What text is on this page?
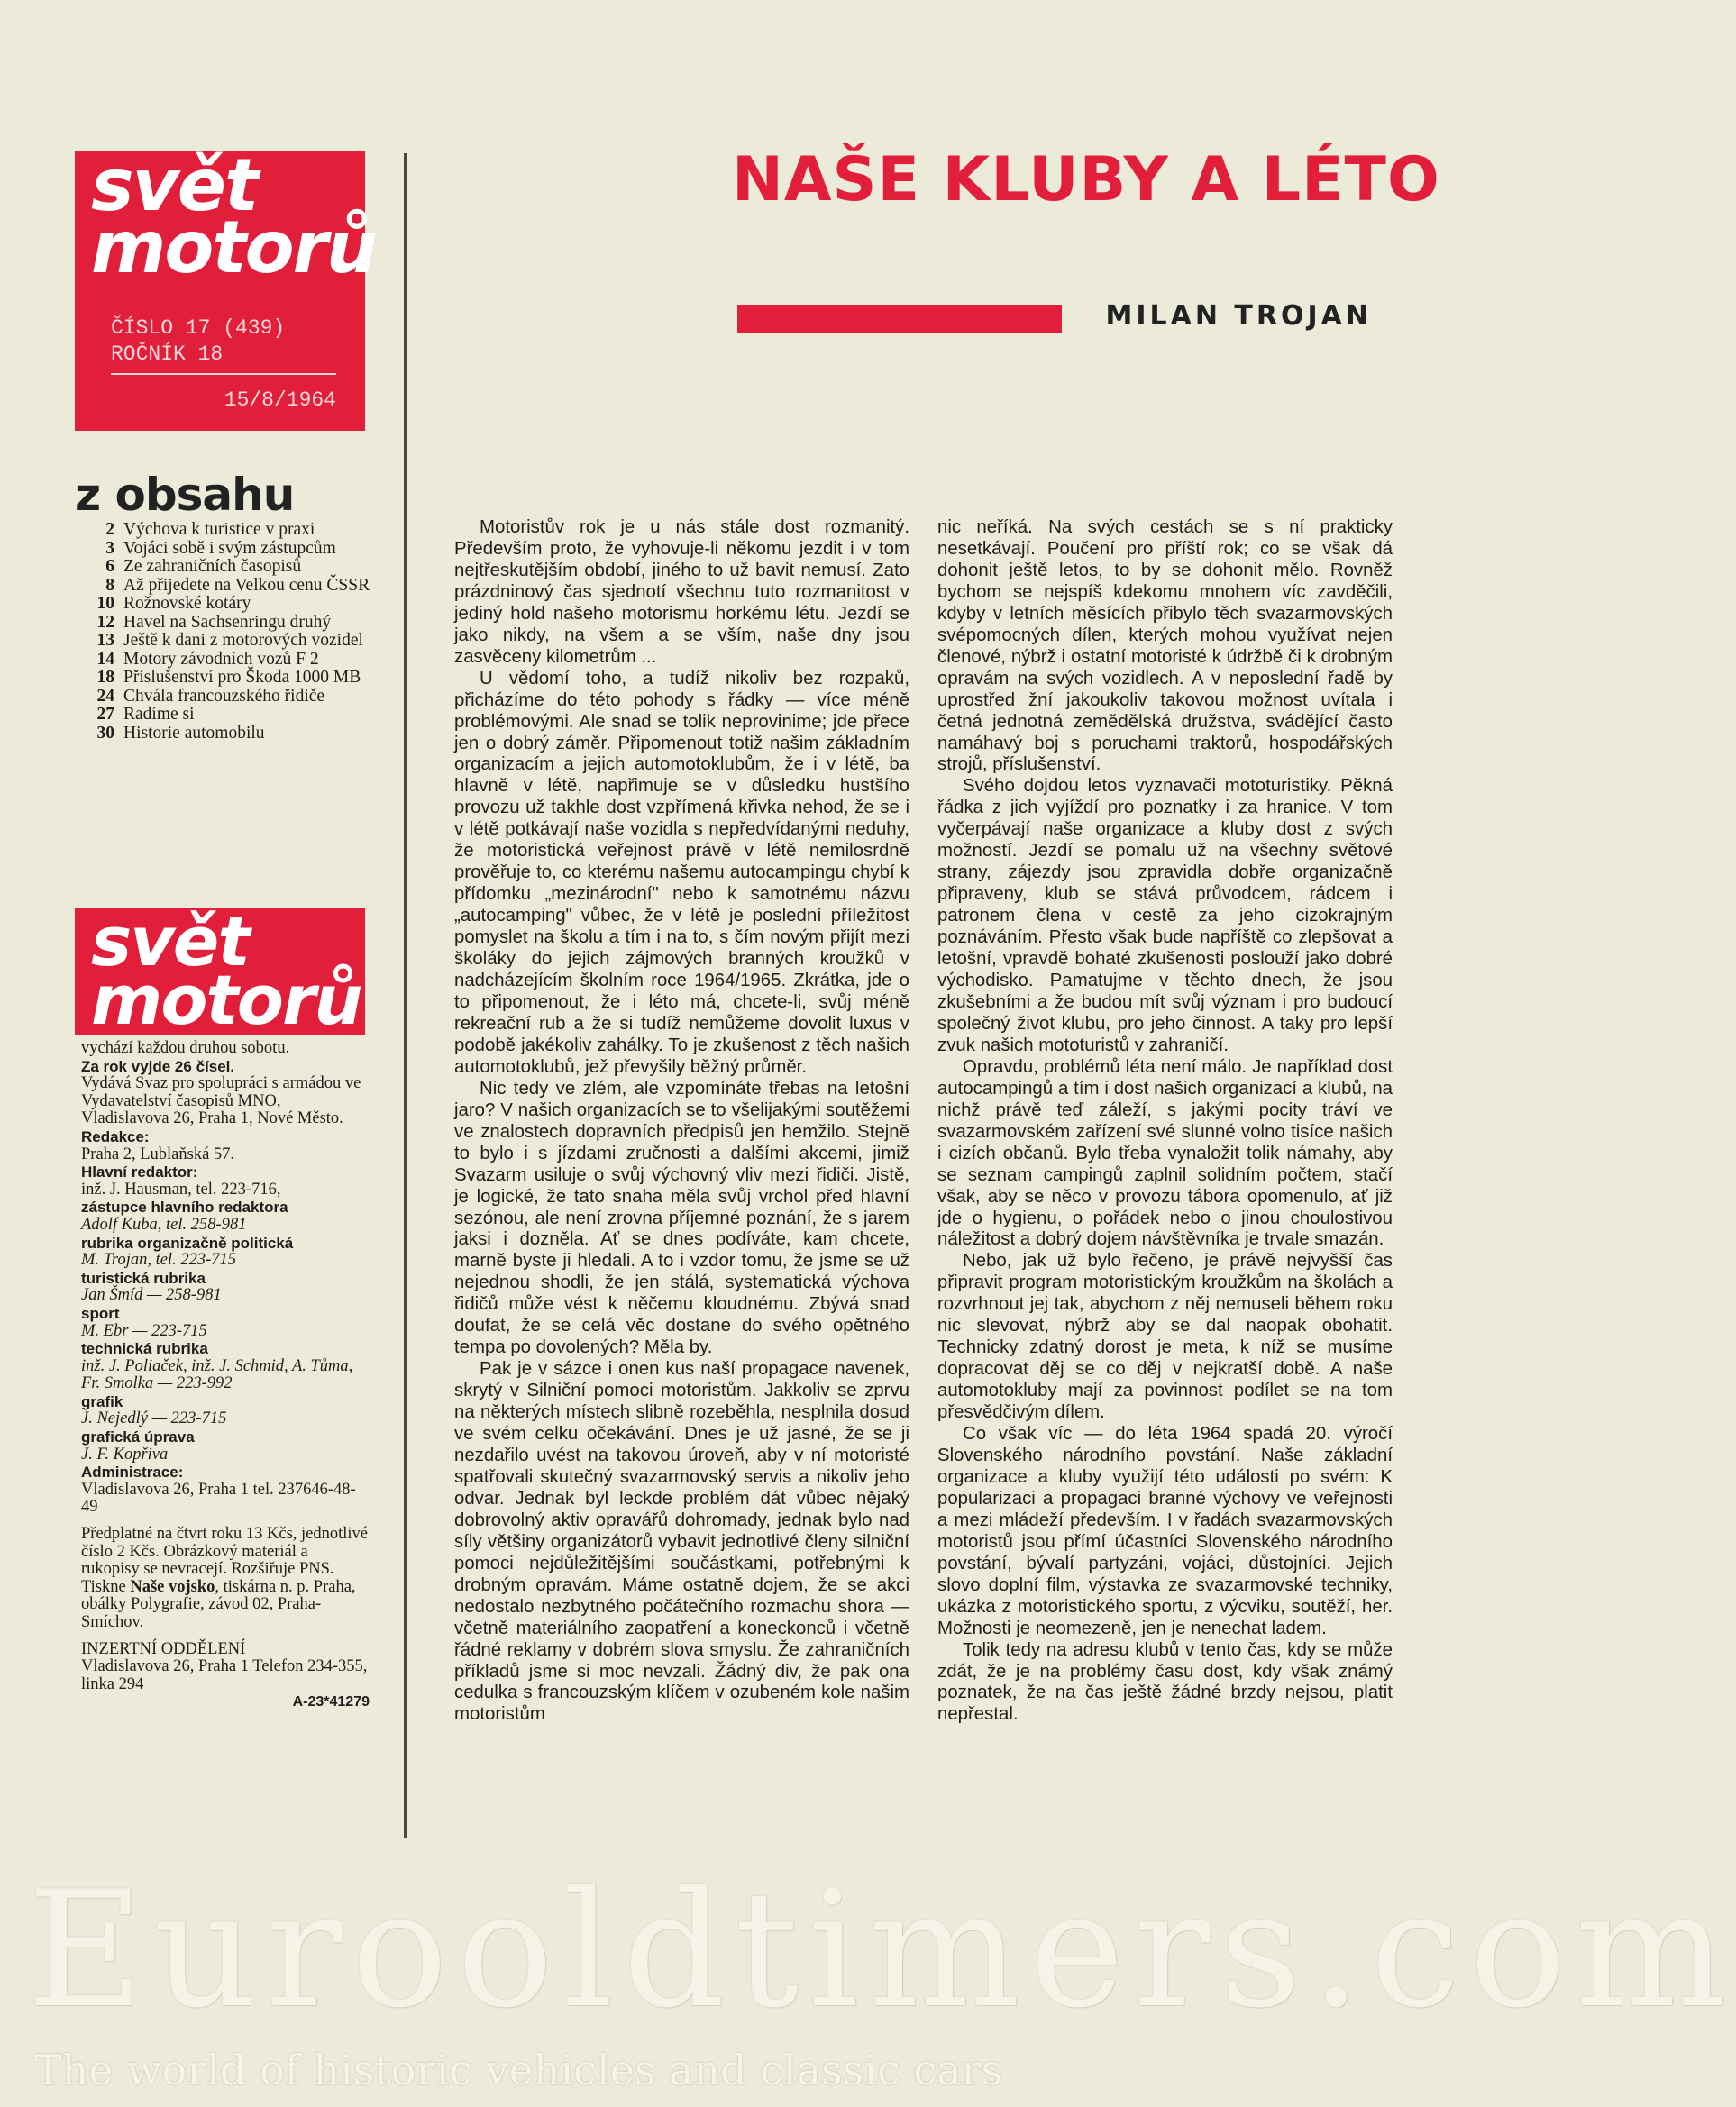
svět
motorů
ČÍSLO 17 (439)
ROČNÍK 18
15/8/1964
z obsahu
2 Výchova k turistice v praxi
3 Vojáci sobě i svým zástupcům
6 Ze zahraničních časopisů
8 Až přijedete na Velkou cenu ČSSR
10 Rožnovské kotáry
12 Havel na Sachsenringu druhý
13 Ještě k dani z motorových vozidel
14 Motory závodních vozů F 2
18 Příslušenství pro Škoda 1000 MB
24 Chvála francouzského řidiče
27 Radíme si
30 Historie automobilu
svět
motorů
vychází každou druhou sobotu.
Za rok vyjde 26 čísel.
Vydává Svaz pro spolupráci s armádou ve Vydavatelství časopisů MNO, Vladislavova 26, Praha 1, Nové Město.
Redakce:
Praha 2, Lublaňská 57.
Hlavní redaktor:
inž. J. Hausman, tel. 223-716,
zástupce hlavního redaktora
Adolf Kuba, tel. 258-981
rubrika organizačně politická
M. Trojan, tel. 223-715
turistická rubrika
Jan Šmíd — 258-981
sport
M. Ebr — 223-715
technická rubrika
inž. J. Poliaček, inž. J. Schmid, A. Tůma, Fr. Smolka — 223-992
grafik
J. Nejedlý — 223-715
grafická úprava
J. F. Kopřiva
Administrace:
Vladislavova 26, Praha 1 tel. 237646-48-49
Předplatné na čtvrt roku 13 Kčs, jednotlivé číslo 2 Kčs. Obrázkový materiál a rukopisy se nevracejí. Rozšiřuje PNS.
Tiskne Naše vojsko, tiskárna n. p. Praha, obálky Polygrafie, závod 02, Praha-Smíchov.
INZERTNÍ ODDĚLENÍ
Vladislavova 26, Praha 1 Telefon 234-355, linka 294
A-23*41279
NAŠE KLUBY A LÉTO
MILAN TROJAN

Motoristův rok je u nás stále dost rozmanitý. Především proto, že vyhovuje-li někomu jezdit i v tom nejtřeskutějším období, jiného to už bavit nemusí. Zato prázdninový čas sjednotí všechnu tuto rozmanitost v jediný hold našeho motorismu horkému létu. Jezdí se jako nikdy, na všem a se vším, naše dny jsou zasvěceny kilometrům ...

U vědomí toho, a tudíž nikoliv bez rozpaků, přicházíme do této pohody s řádky — více méně problémovými. Ale snad se tolik neprovinime; jde přece jen o dobrý záměr. Připomenout totiž našim základním organizacím a jejich automotoklubům, že i v létě, ba hlavně v létě, napřimuje se v důsledku hustšího provozu už takhle dost vzpřímená křivka nehod, že se i v létě potkávají naše vozidla s nepředvídanými neduhy, že motoristická veřejnost právě v létě nemilosrdně prověřuje to, co kterému našemu autocampingu chybí k přídomku „mezinárodní" nebo k samotnému názvu „autocamping" vůbec, že v létě je poslední příležitost pomyslet na školu a tím i na to, s čím novým přijít mezi školáky do jejich zájmových branných kroužků v nadcházejícím školním roce 1964/1965. Zkrátka, jde o to připomenout, že i léto má, chcete-li, svůj méně rekreační rub a že si tudíž nemůžeme dovolit luxus v podobě jakékoliv zahálky. To je zkušenost z těch našich automotoklubů, jež převyšily běžný průměr.

Nic tedy ve zlém, ale vzpomínáte třebas na letošní jaro? V našich organizacích se to všelijakými soutěžemi ve znalostech dopravních předpisů jen hemžilo. Stejně to bylo i s jízdami zručnosti a dalšími akcemi, jimiž Svazarm usiluje o svůj výchovný vliv mezi řidiči. Jistě, je logické, že tato snaha měla svůj vrchol před hlavní sezónou, ale není zrovna příjemné poznání, že s jarem jaksi i dozněla. Ať se dnes podíváte, kam chcete, marně byste ji hledali. A to i vzdor tomu, že jsme se už nejednou shodli, že jen stálá, systematická výchova řidičů může vést k něčemu kloudnému. Zbývá snad doufat, že se celá věc dostane do svého opětného tempa po dovolených? Měla by.

Pak je v sázce i onen kus naší propagace navenek, skrytý v Silniční pomoci motoristům. Jakkoliv se zprvu na některých místech slibně rozeběhla, nesplnila dosud ve svém celku očekávání. Dnes je už jasné, že se ji nezdařilo uvést na takovou úroveň, aby v ní motoristé spatřovali skutečný svazarmovský servis a nikoliv jeho odvar. Jednak byl leckde problém dát vůbec nějaký dobrovolný aktiv opravářů dohromady, jednak bylo nad síly většiny organizátorů vybavit jednotlivé členy silniční pomoci nejdůležitějšími součástkami, potřebnými k drobným opravám. Máme ostatně dojem, že se akci nedostalo nezbytného počátečního rozmachu shora — včetně materiálního zaopatření a koneckonců i včetně řádné reklamy v dobrém slova smyslu. Že zahraničních příkladů jsme si moc nevzali. Žádný div, že pak ona cedulka s francouzským klíčem v ozubeném kole našim motoristům

nic neříká. Na svých cestách se s ní prakticky nesetkávají. Poučení pro příští rok; co se však dá dohonit ještě letos, to by se dohonit mělo. Rovněž bychom se nejspíš kdekomu mnohem víc zavděčili, kdyby v letních měsících přibylo těch svazarmovských svépomocných dílen, kterých mohou využívat nejen členové, nýbrž i ostatní motoristé k údržbě či k drobným opravám na svých vozidlech. A v neposlední řadě by uprostřed žní jakoukoliv takovou možnost uvítala i četná jednotná zemědělská družstva, svádějící často namáhavý boj s poruchami traktorů, hospodářských strojů, příslušenství.

Svého dojdou letos vyznavači mototuristiky. Pěkná řádka z jich vyjíždí pro poznatky i za hranice. V tom vyčerpávají naše organizace a kluby dost z svých možností. Jezdí se pomalu už na všechny světové strany, zájezdy jsou zpravidla dobře organizačně připraveny, klub se stává průvodcem, rádcem i patronem člena v cestě za jeho cizokrajným poznáváním. Přesto však bude napříště co zlepšovat a letošní, vpravdě bohaté zkušenosti poslouží jako dobré východisko. Pamatujme v těchto dnech, že jsou zkušebními a že budou mít svůj význam i pro budoucí společný život klubu, pro jeho činnost. A taky pro lepší zvuk našich mototuristů v zahraničí.

Opravdu, problémů léta není málo. Je například dost autocampingů a tím i dost našich organizací a klubů, na nichž právě teď záleží, s jakými pocity tráví ve svazarmovském zařízení své slunné volno tisíce našich i cizích občanů. Bylo třeba vynaložit tolik námahy, aby se seznam campingů zaplnil solidním počtem, stačí však, aby se něco v provozu tábora opomenulo, ať již jde o hygienu, o pořádek nebo o jinou choulostivou náležitost a dobrý dojem návštěvníka je trvale smazán.

Nebo, jak už bylo řečeno, je právě nejvyšší čas připravit program motoristickým kroužkům na školách a rozvrhnout jej tak, abychom z něj nemuseli během roku nic slevovat, nýbrž aby se dal naopak obohatit. Technicky zdatný dorost je meta, k níž se musíme dopracovat děj se co děj v nejkratší době. A naše automotokluby mají za povinnost podílet se na tom přesvědčivým dílem.

Co však víc — do léta 1964 spadá 20. výročí Slovenského národního povstání. Naše základní organizace a kluby využijí této události po svém: K popularizaci a propagaci branné výchovy ve veřejnosti a mezi mládeží především. I v řadách svazarmovských motoristů jsou přímí účastníci Slovenského národního povstání, bývalí partyzáni, vojáci, důstojníci. Jejich slovo doplní film, výstavka ze svazarmovské techniky, ukázka z motoristického sportu, z výcviku, soutěží, her. Možnosti je neomezeně, jen je nenechat ladem.

Tolik tedy na adresu klubů v tento čas, kdy se může zdát, že je na problémy času dost, kdy však známý poznatek, že na čas ještě žádné brzdy nejsou, platit nepřestal.

Eurooldtimers.com
The world of historic vehicles and classic cars
